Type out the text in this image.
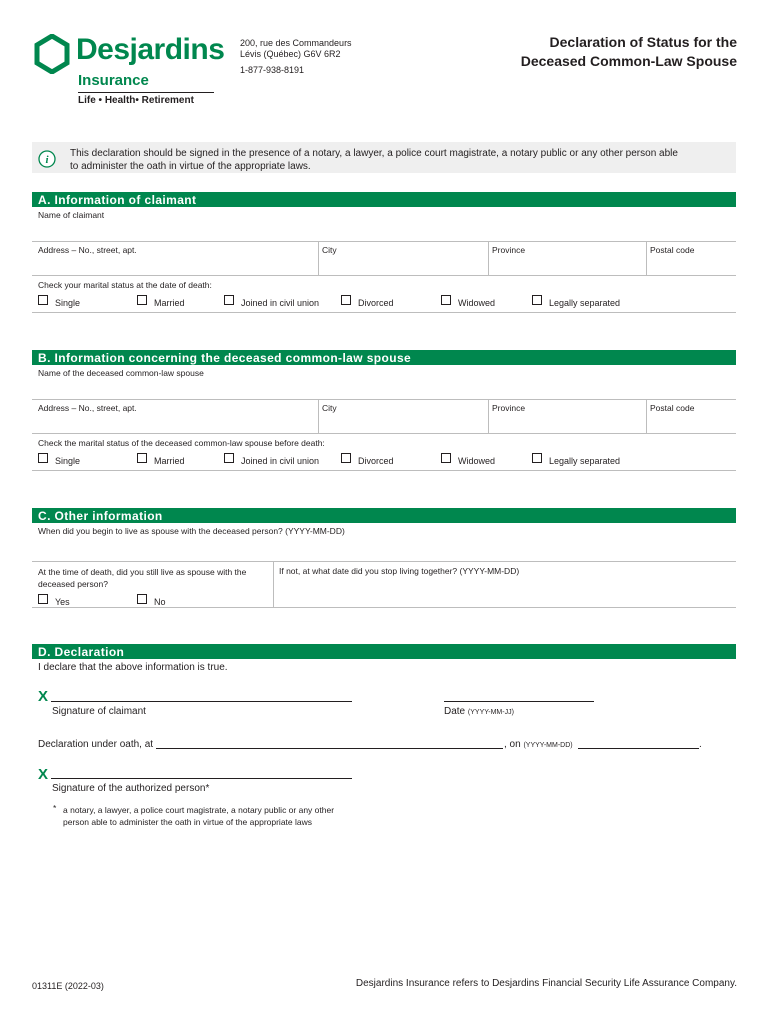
Desjardins
Insurance
Life • Health• Retirement
200, rue des Commandeurs
Lévis (Québec) G6V 6R2
1-877-938-8191
Declaration of Status for the
Deceased Common-Law Spouse
i
This declaration should be signed in the presence of a notary, a lawyer, a police court magistrate, a notary public or any other person able
to administer the oath in virtue of the appropriate laws.
A. Information of claimant
Name of claimant
Address – No., street, apt.	City	Province	Postal code
Check your marital status at the date of death:
Single	Married	Joined in civil union	Divorced	Widowed	Legally separated
B. Information concerning the deceased common-law spouse
Name of the deceased common-law spouse
Address – No., street, apt.	City	Province	Postal code
Check the marital status of the deceased common-law spouse before death:
Single	Married	Joined in civil union	Divorced	Widowed	Legally separated
C. Other information
When did you begin to live as spouse with the deceased person? (YYYY-MM-DD)
At the time of death, did you still live as spouse with the
deceased person?
If not, at what date did you stop living together? (YYYY-MM-DD)
Yes	No
D. Declaration
I declare that the above information is true.
X
Signature of claimant	Date (YYYY-MM-JJ)
Declaration under oath, at	, on (YYYY-MM-DD)	.
X
Signature of the authorized person*
* a notary, a lawyer, a police court magistrate, a notary public or any other
person able to administer the oath in virtue of the appropriate laws
01311E (2022-03)	Desjardins Insurance refers to Desjardins Financial Security Life Assurance Company.
